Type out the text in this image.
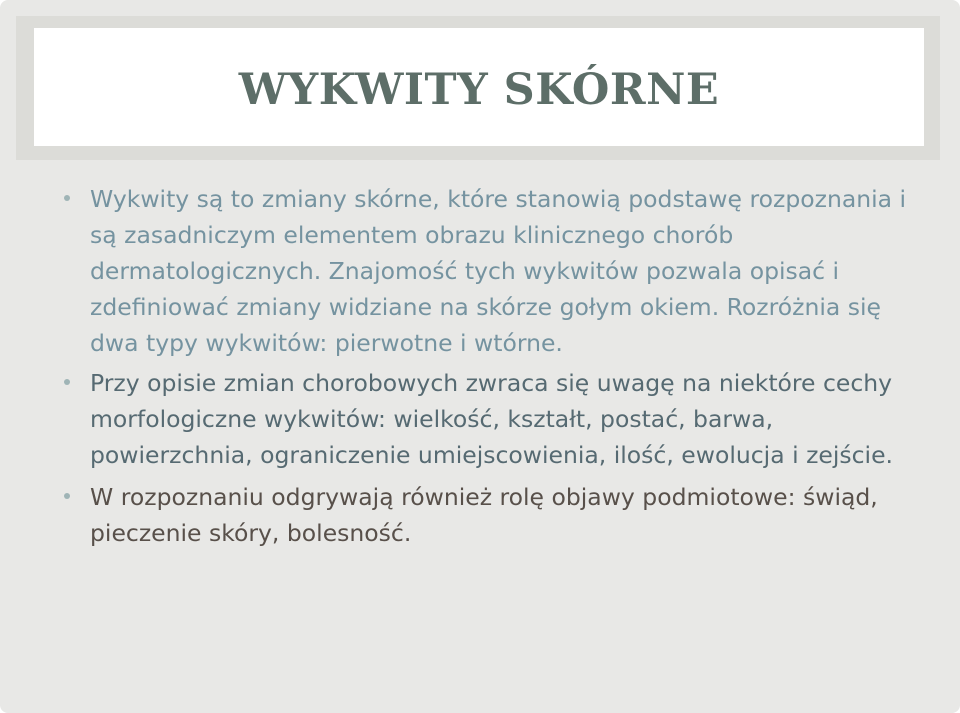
WYKWITY SKÓRNE
Wykwity są to zmiany skórne, które stanowią podstawę rozpoznania i są zasadniczym elementem obrazu klinicznego chorób dermatologicznych. Znajomość tych wykwitów pozwala opisać i zdefiniować zmiany widziane na skórze gołym okiem. Rozróżnia się dwa typy wykwitów: pierwotne i wtórne.
Przy opisie zmian chorobowych zwraca się uwagę na niektóre cechy morfologiczne wykwitów: wielkość, kształt, postać, barwa, powierzchnia, ograniczenie umiejscowienia, ilość, ewolucja i zejście.
W rozpoznaniu odgrywają również rolę objawy podmiotowe: świąd, pieczenie skóry, bolesność.
